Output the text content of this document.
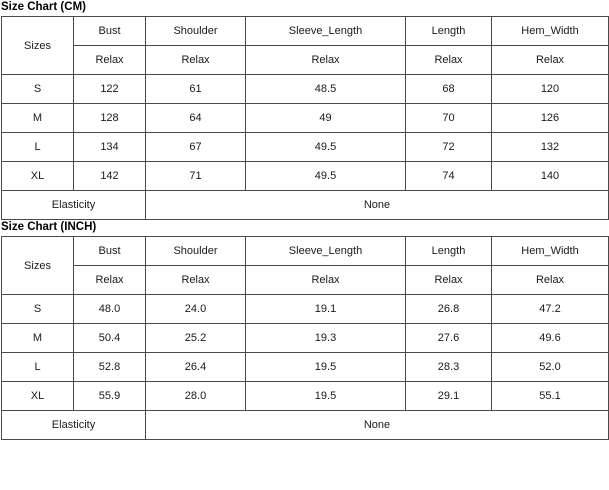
Size Chart (CM)
Sizes	Bust	Shoulder	Sleeve_Length	Length	Hem_Width
	Relax	Relax	Relax	Relax	Relax
S	122	61	48.5	68	120
M	128	64	49	70	126
L	134	67	49.5	72	132
XL	142	71	49.5	74	140
Elasticity		None			
Size Chart (INCH)
Sizes	Bust	Shoulder	Sleeve_Length	Length	Hem_Width
	Relax	Relax	Relax	Relax	Relax
S	48.0	24.0	19.1	26.8	47.2
M	50.4	25.2	19.3	27.6	49.6
L	52.8	26.4	19.5	28.3	52.0
XL	55.9	28.0	19.5	29.1	55.1
Elasticity		None			
